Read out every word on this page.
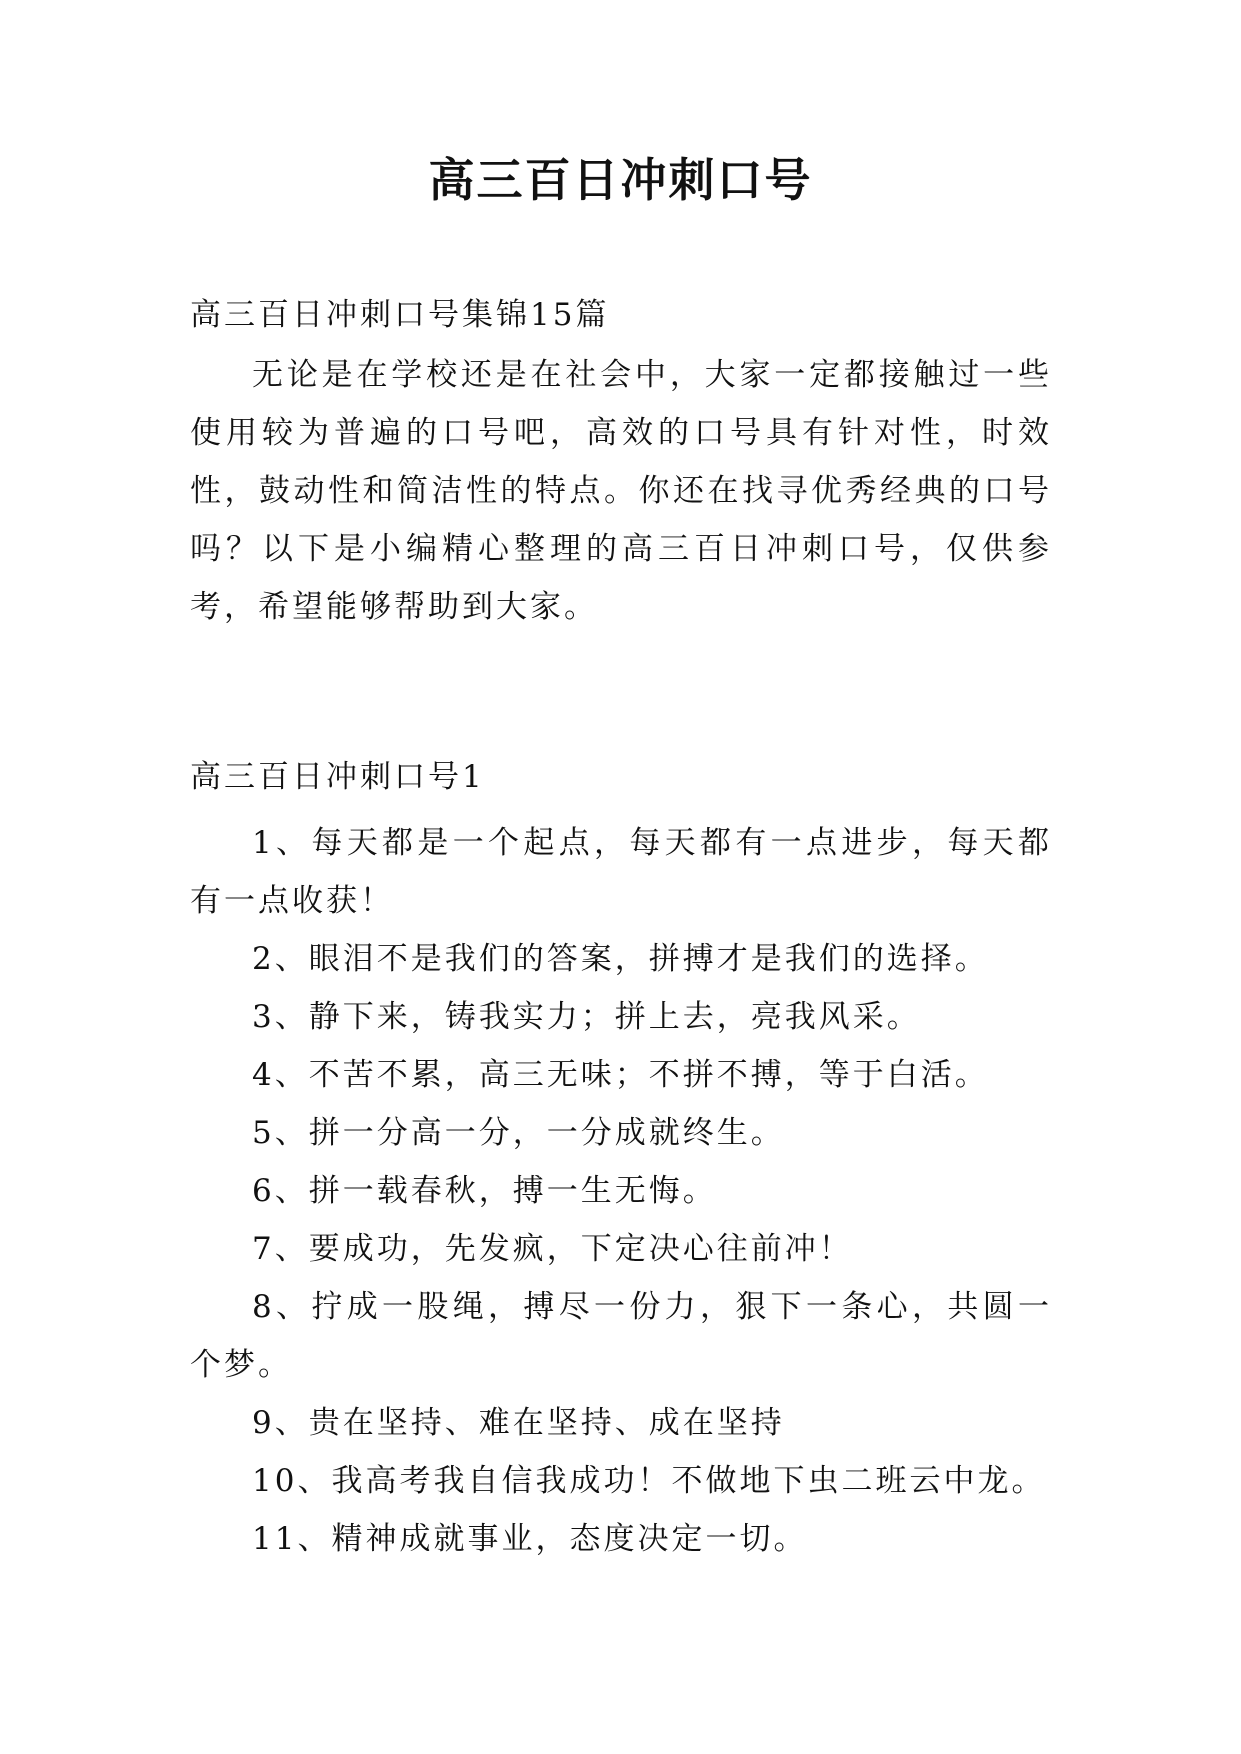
高三百日冲刺口号

高三百日冲刺口号集锦15篇

无论是在学校还是在社会中，大家一定都接触过一些使用较为普遍的口号吧，高效的口号具有针对性，时效性，鼓动性和简洁性的特点。你还在找寻优秀经典的口号吗？以下是小编精心整理的高三百日冲刺口号，仅供参考，希望能够帮助到大家。

高三百日冲刺口号1

1、每天都是一个起点，每天都有一点进步，每天都有一点收获！
2、眼泪不是我们的答案，拼搏才是我们的选择。
3、静下来，铸我实力；拼上去，亮我风采。
4、不苦不累，高三无味；不拼不搏，等于白活。
5、拼一分高一分，一分成就终生。
6、拼一载春秋，搏一生无悔。
7、要成功，先发疯，下定决心往前冲！
8、拧成一股绳，搏尽一份力，狠下一条心，共圆一个梦。
9、贵在坚持、难在坚持、成在坚持
10、我高考我自信我成功！不做地下虫二班云中龙。
11、精神成就事业，态度决定一切。
